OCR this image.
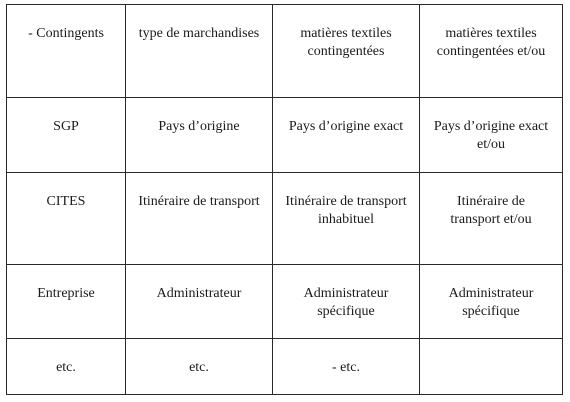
- Contingents	type de marchandises	matières textiles contingentées	matières textiles contingentées et/ou
SGP	Pays d’origine	Pays d’origine exact	Pays d’origine exact et/ou
CITES	Itinéraire de transport	Itinéraire de transport inhabituel	Itinéraire de transport et/ou
Entreprise	Administrateur	Administrateur spécifique	Administrateur spécifique
etc.	etc.	- etc.	
